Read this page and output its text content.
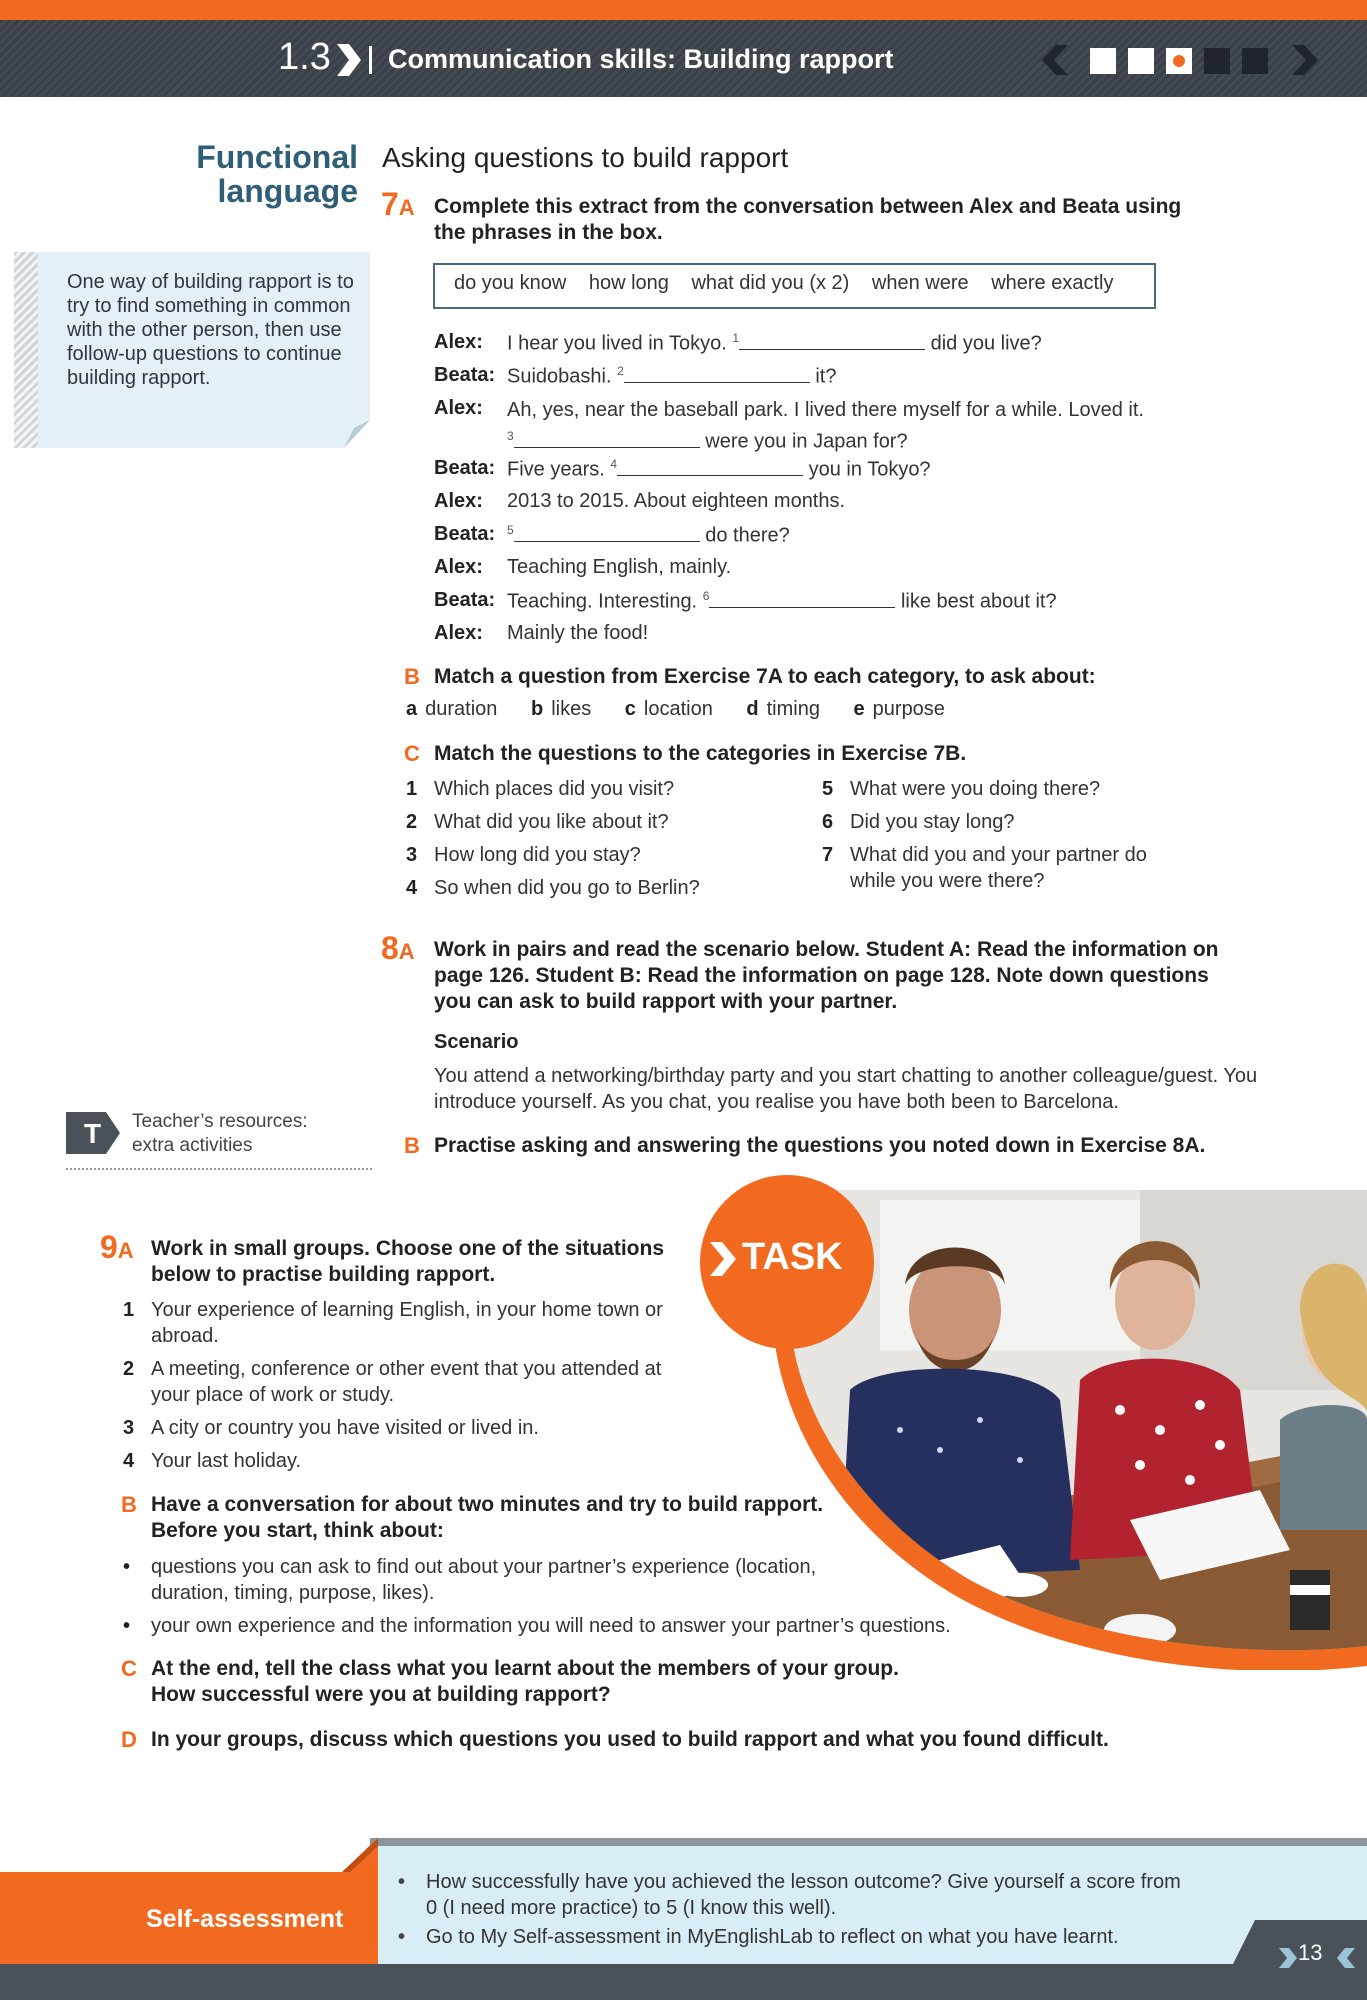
1.3 Communication skills: Building rapport
Functional
language
One way of building rapport is to try to find something in common with the other person, then use follow-up questions to continue building rapport.
T Teacher’s resources:
extra activities
Asking questions to build rapport
7A Complete this extract from the conversation between Alex and Beata using the phrases in the box.
do you know how long what did you (x 2) when were where exactly
Alex: I hear you lived in Tokyo. $^1$	did you live?
Beata: Suidobashi. $^2$	it?
Alex: Ah, yes, near the baseball park. I lived there myself for a while. Loved it.
$^3$	were you in Japan for?
Beata: Five years. $^4$	you in Tokyo?
Alex: 2013 to 2015. About eighteen months.
Beata: $^5$	do there?
Alex: Teaching English, mainly.
Beata: Teaching. Interesting. $^6$	like best about it?
Alex: Mainly the food!
B Match a question from Exercise 7A to each category, to ask about:
a duration b likes c location d timing e purpose
C Match the questions to the categories in Exercise 7B.
1 Which places did you visit?
2 What did you like about it?
3 How long did you stay?
4 So when did you go to Berlin?
5 What were you doing there?
6 Did you stay long?
7 What did you and your partner do while you were there?
8A Work in pairs and read the scenario below. Student A: Read the information on page 126. Student B: Read the information on page 128. Note down questions you can ask to build rapport with your partner.
Scenario
You attend a networking/birthday party and you start chatting to another colleague/guest. You introduce yourself. As you chat, you realise you have both been to Barcelona.
B Practise asking and answering the questions you noted down in Exercise 8A.
TASK
9A Work in small groups. Choose one of the situations below to practise building rapport.
1 Your experience of learning English, in your home town or abroad.
2 A meeting, conference or other event that you attended at your place of work or study.
3 A city or country you have visited or lived in.
4 Your last holiday.
B Have a conversation for about two minutes and try to build rapport. Before you start, think about:
•	questions you can ask to find out about your partner’s experience (location, duration, timing, purpose, likes).
•	your own experience and the information you will need to answer your partner’s questions.
C At the end, tell the class what you learnt about the members of your group. How successful were you at building rapport?
D In your groups, discuss which questions you used to build rapport and what you found difficult.
Self-assessment
•	How successfully have you achieved the lesson outcome? Give yourself a score from 0 (I need more practice) to 5 (I know this well).
•	Go to My Self-assessment in MyEnglishLab to reflect on what you have learnt.
13
